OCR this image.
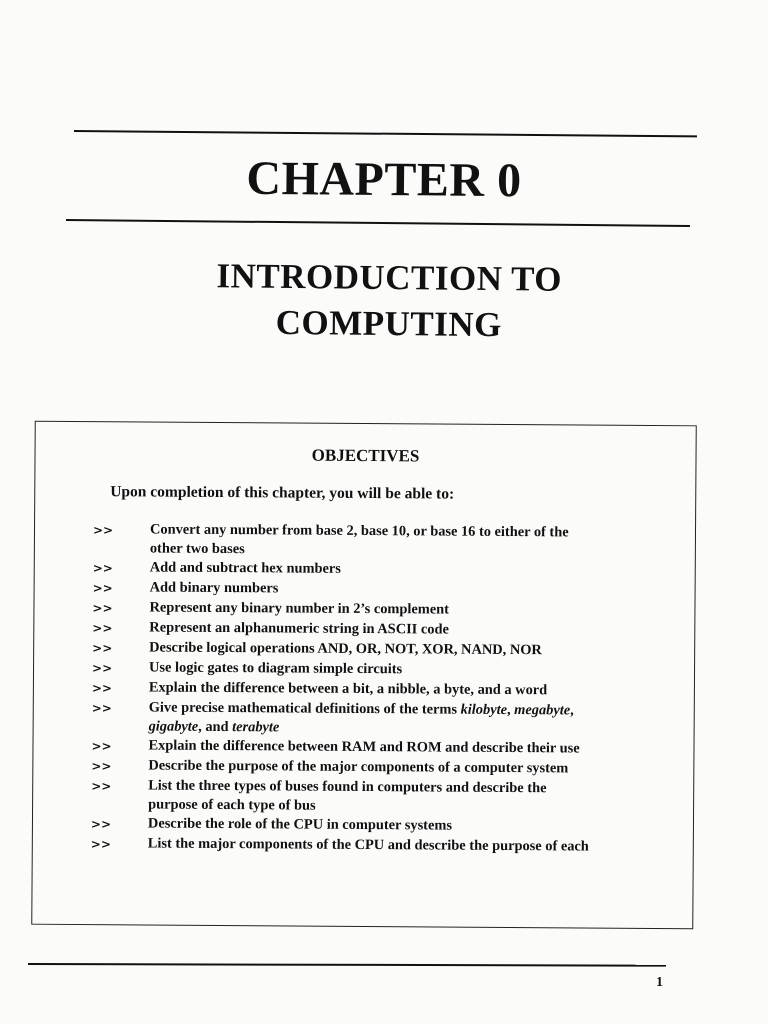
CHAPTER 0
INTRODUCTION TO
COMPUTING
OBJECTIVES
Upon completion of this chapter, you will be able to:
>>	Convert any number from base 2, base 10, or base 16 to either of the
other two bases
>>	Add and subtract hex numbers
>>	Add binary numbers
>>	Represent any binary number in 2’s complement
>>	Represent an alphanumeric string in ASCII code
>>	Describe logical operations AND, OR, NOT, XOR, NAND, NOR
>>	Use logic gates to diagram simple circuits
>>	Explain the difference between a bit, a nibble, a byte, and a word
>>	Give precise mathematical definitions of the terms kilobyte, megabyte,
gigabyte, and terabyte
>>	Explain the difference between RAM and ROM and describe their use
>>	Describe the purpose of the major components of a computer system
>>	List the three types of buses found in computers and describe the
purpose of each type of bus
>>	Describe the role of the CPU in computer systems
>>	List the major components of the CPU and describe the purpose of each
1
